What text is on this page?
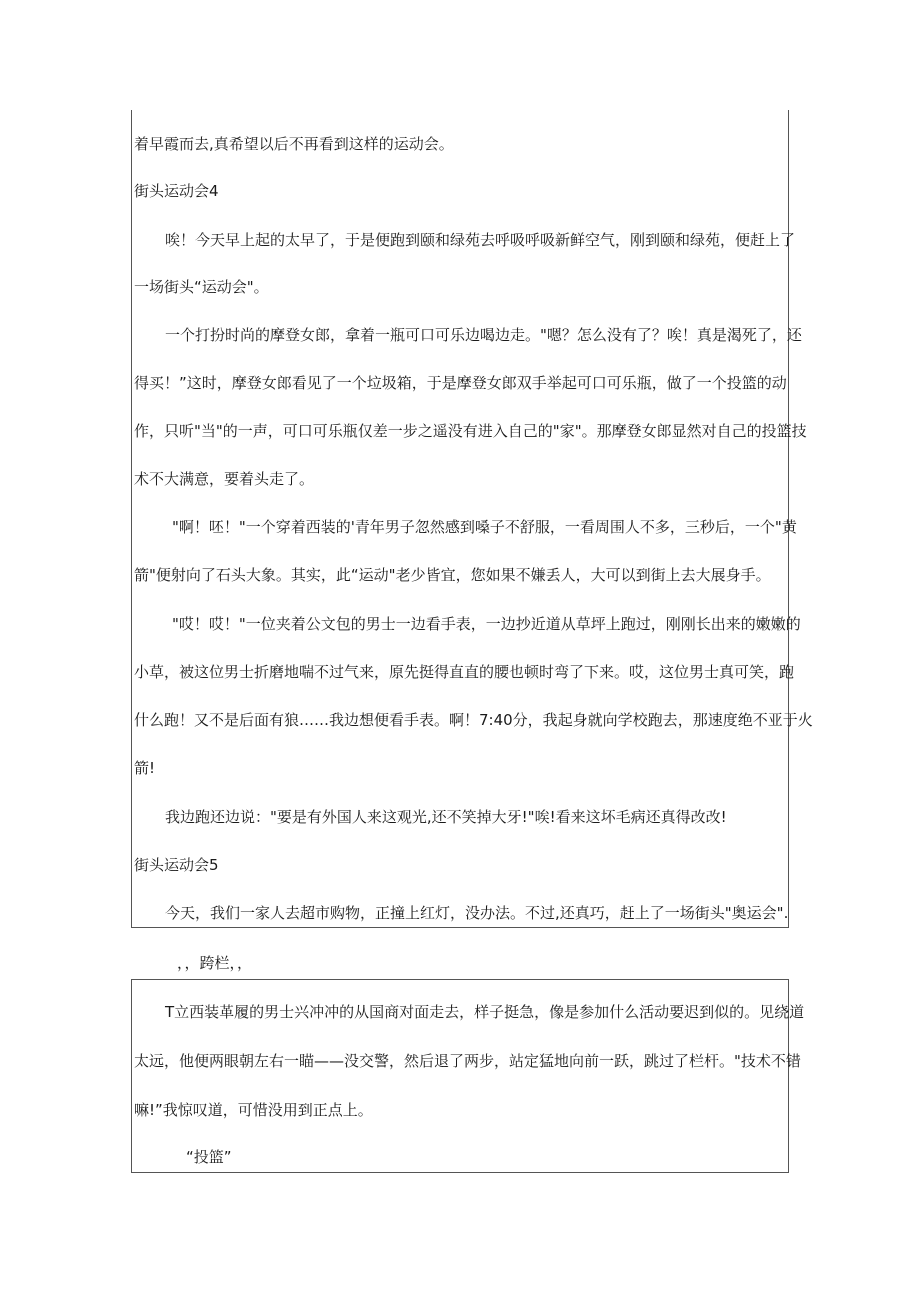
着早霞而去,真希望以后不再看到这样的运动会。
街头运动会4
唉！今天早上起的太早了，于是便跑到颐和绿苑去呼吸呼吸新鲜空气，刚到颐和绿苑，便赶上了
一场街头“运动会"。
一个打扮时尚的摩登女郎，拿着一瓶可口可乐边喝边走。"嗯？怎么没有了？唉！真是渴死了，还
得买！”这时，摩登女郎看见了一个垃圾箱，于是摩登女郎双手举起可口可乐瓶，做了一个投篮的动
作，只听"当"的一声，可口可乐瓶仅差一步之遥没有进入自己的"家"。那摩登女郎显然对自己的投篮技
术不大满意，要着头走了。
"啊！呸！"一个穿着西装的'青年男子忽然感到嗓子不舒服，一看周围人不多，三秒后，一个"黄
箭"便射向了石头大象。其实，此“运动"老少皆宜，您如果不嫌丢人，大可以到街上去大展身手。
"哎！哎！"一位夹着公文包的男士一边看手表，一边抄近道从草坪上跑过，刚刚长出来的嫩嫩的
小草，被这位男士折磨地喘不过气来，原先挺得直直的腰也顿时弯了下来。哎，这位男士真可笑，跑
什么跑！又不是后面有狼……我边想便看手表。啊！7:40分，我起身就向学校跑去，那速度绝不亚于火
箭!
我边跑还边说："要是有外国人来这观光,还不笑掉大牙!"唉!看来这坏毛病还真得改改!
街头运动会5
今天，我们一家人去超市购物，正撞上红灯，没办法。不过,还真巧，赶上了一场街头"奥运会".
，，跨栏，，
T立西装革履的男士兴冲冲的从国商对面走去，样子挺急，像是参加什么活动要迟到似的。见绕道
太远，他便两眼朝左右一瞄——没交警，然后退了两步，站定猛地向前一跃，跳过了栏杆。"技术不错
嘛!”我惊叹道，可惜没用到正点上。
“投篮”
